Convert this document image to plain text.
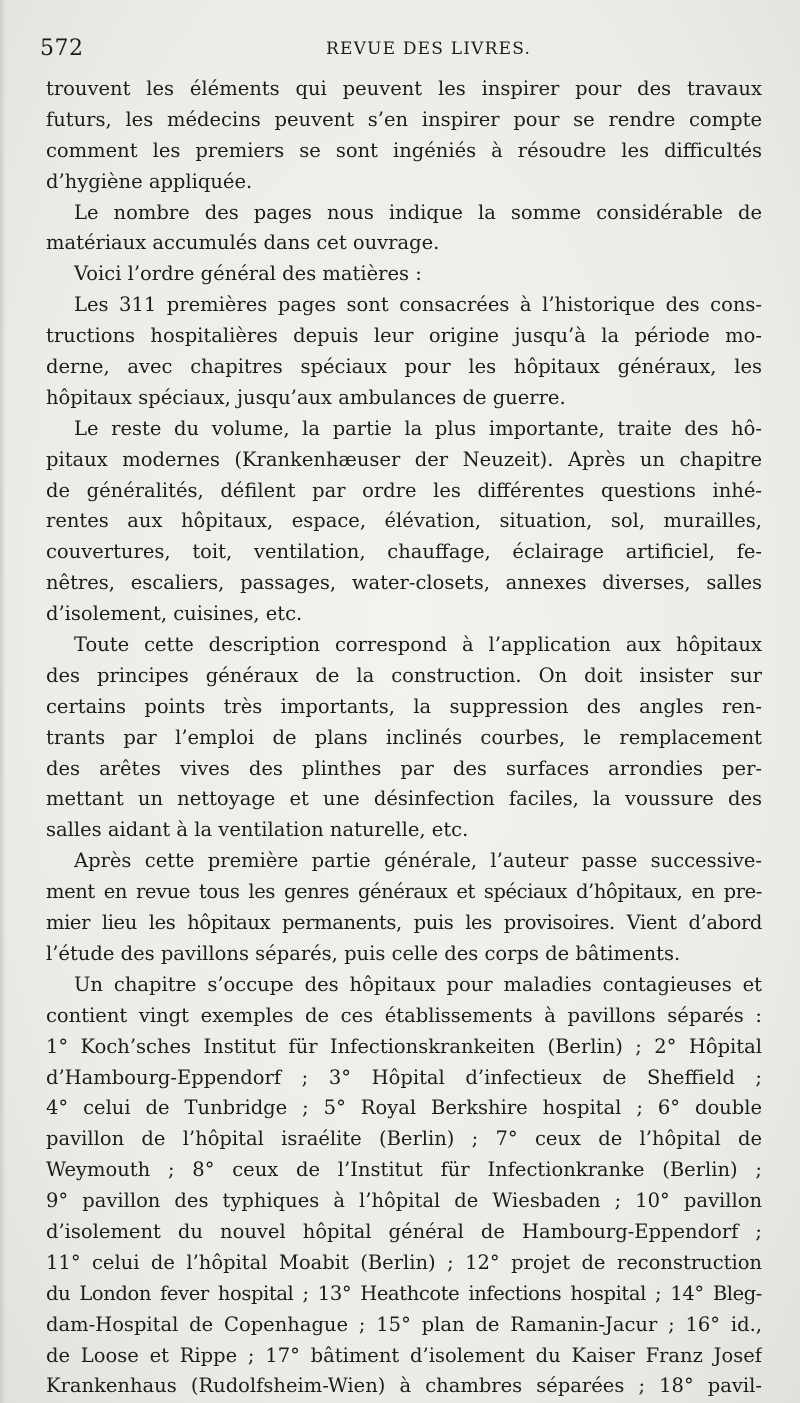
572	REVUE DES LIVRES.
trouvent les éléments qui peuvent les inspirer pour des travaux
futurs, les médecins peuvent s’en inspirer pour se rendre compte
comment les premiers se sont ingéniés à résoudre les difficultés
d’hygiène appliquée.
Le nombre des pages nous indique la somme considérable de
matériaux accumulés dans cet ouvrage.
Voici l’ordre général des matières :
Les 311 premières pages sont consacrées à l’historique des cons-
tructions hospitalières depuis leur origine jusqu’à la période mo-
derne, avec chapitres spéciaux pour les hôpitaux généraux, les
hôpitaux spéciaux, jusqu’aux ambulances de guerre.
Le reste du volume, la partie la plus importante, traite des hô-
pitaux modernes (Krankenhæuser der Neuzeit). Après un chapitre
de généralités, défilent par ordre les différentes questions inhé-
rentes aux hôpitaux, espace, élévation, situation, sol, murailles,
couvertures, toit, ventilation, chauffage, éclairage artificiel, fe-
nêtres, escaliers, passages, water-closets, annexes diverses, salles
d’isolement, cuisines, etc.
Toute cette description correspond à l’application aux hôpitaux
des principes généraux de la construction. On doit insister sur
certains points très importants, la suppression des angles ren-
trants par l’emploi de plans inclinés courbes, le remplacement
des arêtes vives des plinthes par des surfaces arrondies per-
mettant un nettoyage et une désinfection faciles, la voussure des
salles aidant à la ventilation naturelle, etc.
Après cette première partie générale, l’auteur passe successive-
ment en revue tous les genres généraux et spéciaux d’hôpitaux, en pre-
mier lieu les hôpitaux permanents, puis les provisoires. Vient d’abord
l’étude des pavillons séparés, puis celle des corps de bâtiments.
Un chapitre s’occupe des hôpitaux pour maladies contagieuses et
contient vingt exemples de ces établissements à pavillons séparés :
1° Koch’sches Institut für Infectionskrankeiten (Berlin) ; 2° Hôpital
d’Hambourg-Eppendorf ; 3° Hôpital d’infectieux de Sheffield ;
4° celui de Tunbridge ; 5° Royal Berkshire hospital ; 6° double
pavillon de l’hôpital israélite (Berlin) ; 7° ceux de l’hôpital de
Weymouth ; 8° ceux de l’Institut für Infectionkranke (Berlin) ;
9° pavillon des typhiques à l’hôpital de Wiesbaden ; 10° pavillon
d’isolement du nouvel hôpital général de Hambourg-Eppendorf ;
11° celui de l’hôpital Moabit (Berlin) ; 12° projet de reconstruction
du London fever hospital ; 13° Heathcote infections hospital ; 14° Bleg-
dam-Hospital de Copenhague ; 15° plan de Ramanin-Jacur ; 16° id.,
de Loose et Rippe ; 17° bâtiment d’isolement du Kaiser Franz Josef
Krankenhaus (Rudolfsheim-Wien) à chambres séparées ; 18° pavil-
